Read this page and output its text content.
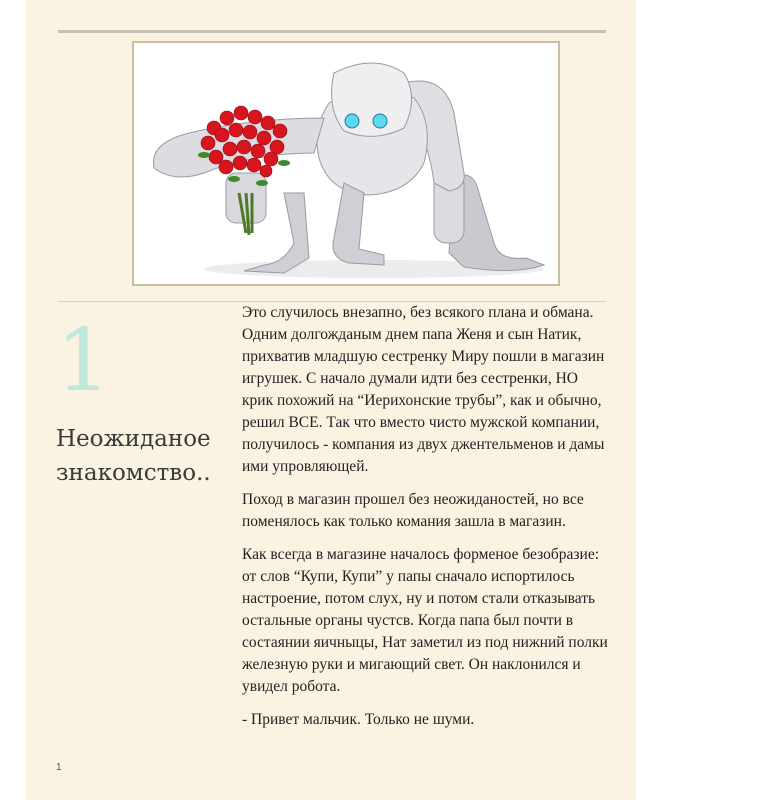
1
Неожиданое знакомство..

Это случилось внезапно, без всякого плана и обмана. Одним долгожданым днем папа Женя и сын Натик, прихватив младшую сестренку Миру пошли в магазин игрушек. С начало думали идти без сестренки, НО крик похожий на “Иерихонские трубы”, как и обычно, решил ВСЕ. Так что вместо чисто мужской компании, получилось - компания из двух джентельменов и дамы ими упровляющей.

Поход в магазин прошел без неожиданостей, но все поменялось как только комания зашла в магазин.

Как всегда в магазине началось форменое безобразие: от слов “Купи, Купи” у папы сначало испортилось настроение, потом слух, ну и потом стали отказывать остальные органы чустсв. Когда папа был почти в состаянии яичныцы, Нат заметил из под нижний полки железную руки и мигающий свет. Он наклонился и увидел робота.

- Привет мальчик. Только не шуми.

1
